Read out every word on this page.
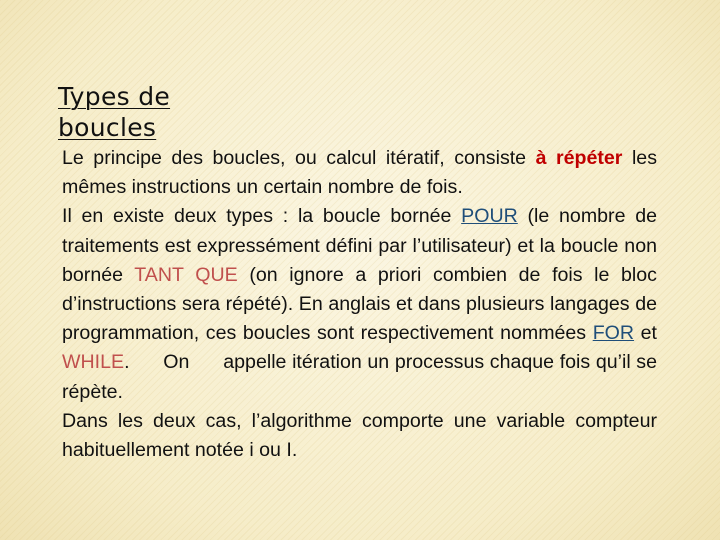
Types de boucles

Le principe des boucles, ou calcul itératif, consiste à répéter les mêmes instructions un certain nombre de fois.

Il en existe deux types : la boucle bornée POUR (le nombre de traitements est expressément défini par l’utilisateur) et la boucle non bornée TANT QUE (on ignore a priori combien de fois le bloc d’instructions sera répété). En anglais et dans plusieurs langages de programmation, ces boucles sont respectivement nommées FOR et WHILE.      On      appelle itération un processus chaque fois qu’il se répète.

Dans les deux cas, l’algorithme comporte une variable compteur habituellement notée i ou I.
